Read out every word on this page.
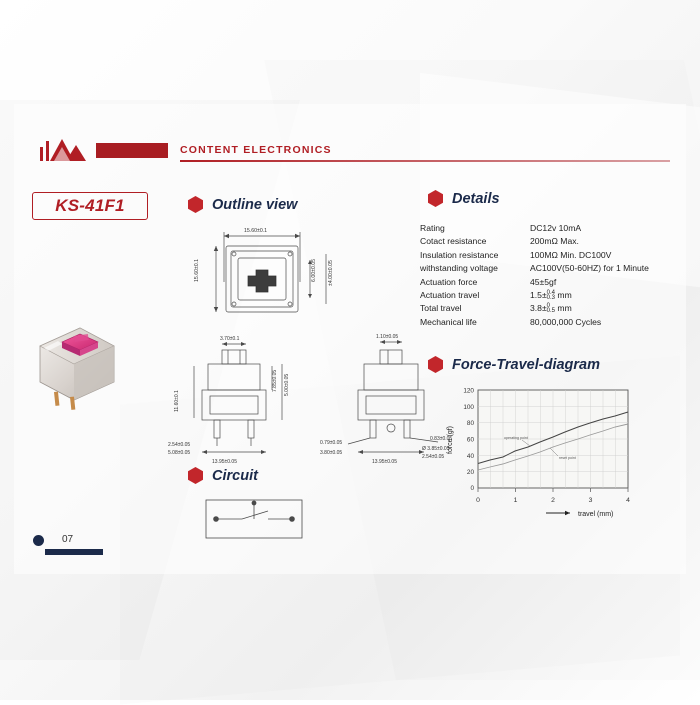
CONTENT ELECTRONICS
KS-41F1	Outline view	Details
Force-Travel-diagram
Circuit
Rating	DC12v 10mA
Cotact resistance	200mΩ Max.
Insulation resistance	100MΩ Min. DC100V
withstanding voltage	AC100V(50-60HZ) for 1 Minute
Actuation force	45±5gf
Actuation travel	1.5±0.4
0.3 mm
Total travel	3.8±0
0.5 mm
Mechanical life	80,000,000 Cycles
15.60±0.1
15.60±0.1	6.00±0.05 ±4.00±0.05
3.70±0.1
11.60±0.1
7.85±0.05 5.00±0.05
2.54±0.05
5.08±0.05
13.95±0.05
1.10±0.05
0.79±0.05
3.80±0.05
0.83±0.05
Ø 3.85±0.05
2.54±0.05
13.95±0.05
operating point
reset point
120
100
80
60
40
20
0
0	1	2	3	4
force (gf)
travel (mm)
07
